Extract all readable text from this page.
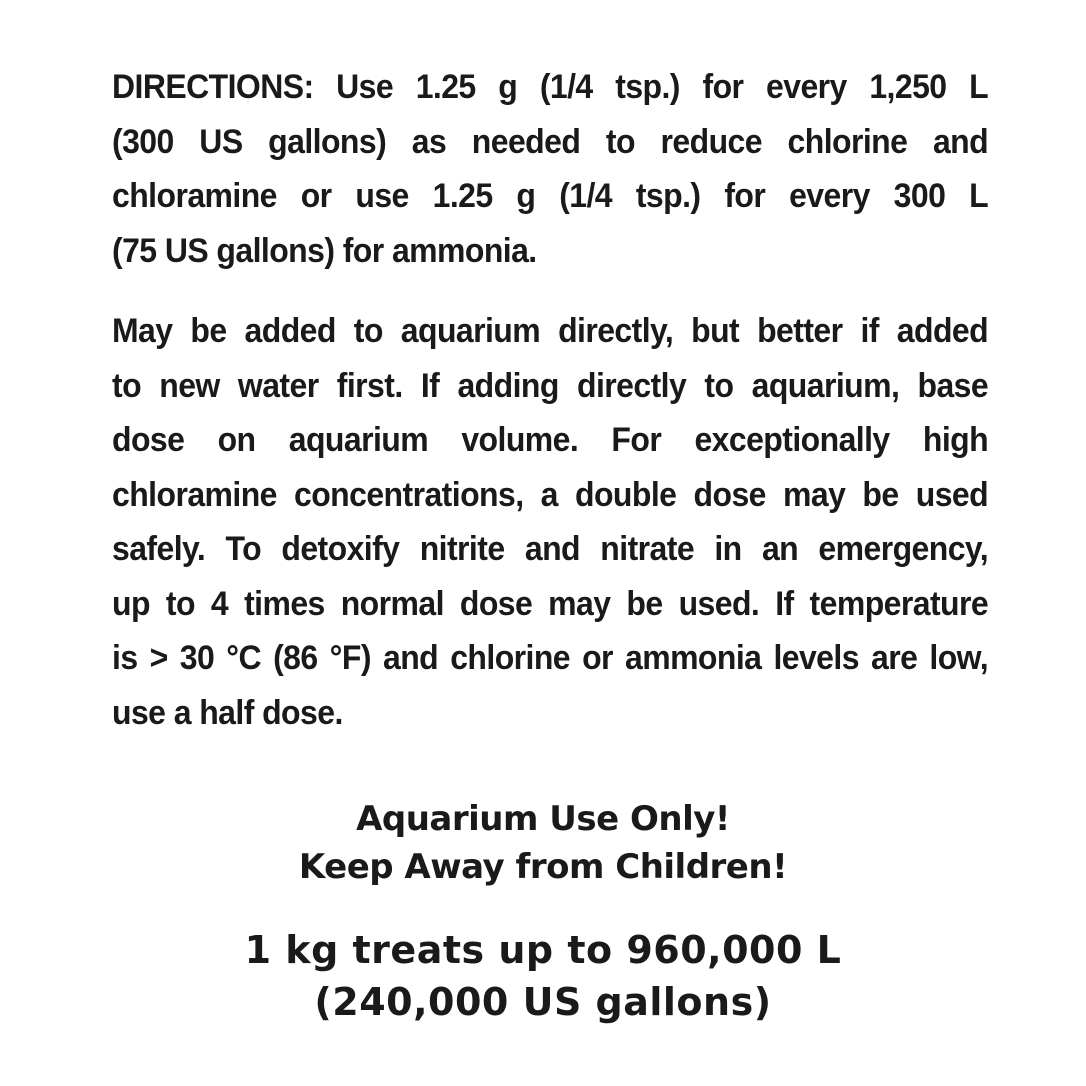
DIRECTIONS: Use 1.25 g (1/4 tsp.) for every 1,250 L
(300 US gallons) as needed to reduce chlorine and
chloramine or use 1.25 g (1/4 tsp.) for every 300 L
(75 US gallons) for ammonia.
May be added to aquarium directly, but better if added
to new water first. If adding directly to aquarium, base
dose on aquarium volume. For exceptionally high
chloramine concentrations, a double dose may be used
safely. To detoxify nitrite and nitrate in an emergency,
up to 4 times normal dose may be used. If temperature
is > 30 °C (86 °F) and chlorine or ammonia levels are low,
use a half dose.
Aquarium Use Only!
Keep Away from Children!
1 kg treats up to 960,000 L
(240,000 US gallons)
